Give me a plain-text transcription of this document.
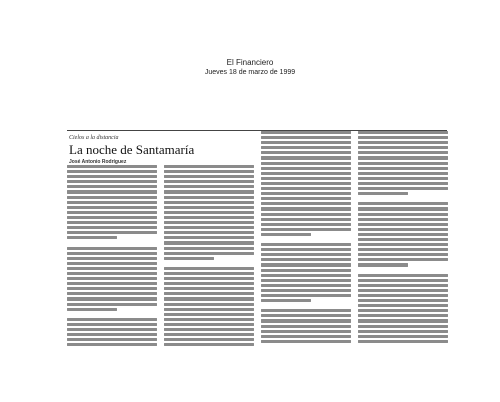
El Financiero
Jueves 18 de marzo de 1999
Cielos a la distancia
La noche de Santamaría
José Antonio Rodríguez
